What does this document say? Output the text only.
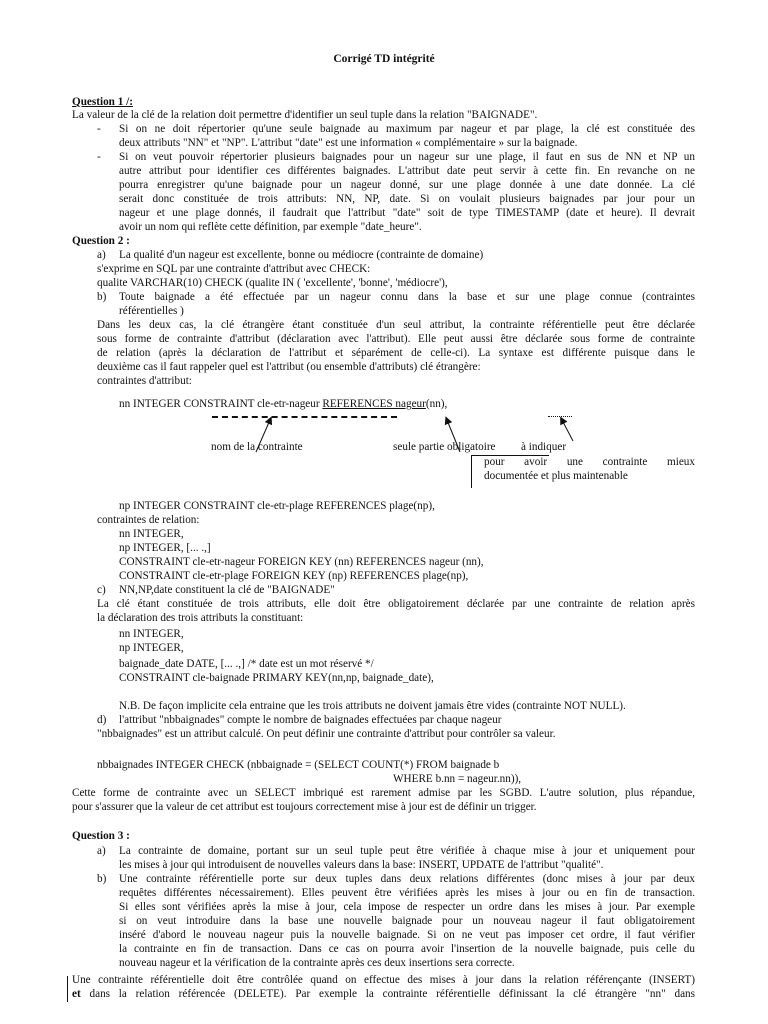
Corrigé TD intégrité
Question 1 /:
La valeur de la clé de la relation doit permettre d'identifier un seul tuple dans la relation "BAIGNADE".
- Si on ne doit répertorier qu'une seule baignade au maximum par nageur et par plage, la clé est constituée des
deux attributs "NN" et "NP". L'attribut "date" est une information « complémentaire » sur la baignade.
- Si on veut pouvoir répertorier plusieurs baignades pour un nageur sur une plage, il faut en sus de NN et NP un
autre attribut pour identifier ces différentes baignades. L'attribut date peut servir à cette fin. En revanche on ne
pourra enregistrer qu'une baignade pour un nageur donné, sur une plage donnée à une date donnée. La clé
serait donc constituée de trois attributs: NN, NP, date. Si on voulait plusieurs baignades par jour pour un
nageur et une plage donnés, il faudrait que l'attribut "date" soit de type TIMESTAMP (date et heure). Il devrait
avoir un nom qui reflète cette définition, par exemple "date_heure".
Question 2 :
a) La qualité d'un nageur est excellente, bonne ou médiocre (contrainte de domaine)
s'exprime en SQL par une contrainte d'attribut avec CHECK:
qualite VARCHAR(10) CHECK (qualite IN ( 'excellente', 'bonne', 'médiocre'),
b) Toute baignade a été effectuée par un nageur connu dans la base et sur une plage connue (contraintes
référentielles )
Dans les deux cas, la clé étrangère étant constituée d'un seul attribut, la contrainte référentielle peut être déclarée
sous forme de contrainte d'attribut (déclaration avec l'attribut). Elle peut aussi être déclarée sous forme de contrainte
de relation (après la déclaration de l'attribut et séparément de celle-ci). La syntaxe est différente puisque dans le
deuxième cas il faut rappeler quel est l'attribut (ou ensemble d'attributs) clé étrangère:
contraintes d'attribut:
nn INTEGER CONSTRAINT cle-etr-nageur REFERENCES nageur(nn),
nom de la contrainte	seule partie obligatoire à indiquer
pour avoir une contrainte mieux
documentée et plus maintenable
np INTEGER CONSTRAINT cle-etr-plage REFERENCES plage(np),
contraintes de relation:
nn INTEGER,
np INTEGER, [... .,]
CONSTRAINT cle-etr-nageur FOREIGN KEY (nn) REFERENCES nageur (nn),
CONSTRAINT cle-etr-plage FOREIGN KEY (np) REFERENCES plage(np),
c) NN,NP,date constituent la clé de "BAIGNADE"
La clé étant constituée de trois attributs, elle doit être obligatoirement déclarée par une contrainte de relation après
la déclaration des trois attributs la constituant:
nn INTEGER,
np INTEGER,
baignade_date DATE, [... .,] /* date est un mot réservé */
CONSTRAINT cle-baignade PRIMARY KEY(nn,np, baignade_date),
N.B. De façon implicite cela entraine que les trois attributs ne doivent jamais être vides (contrainte NOT NULL).
d) l'attribut "nbbaignades" compte le nombre de baignades effectuées par chaque nageur
"nbbaignades" est un attribut calculé. On peut définir une contrainte d'attribut pour contrôler sa valeur.
nbbaignades INTEGER CHECK (nbbaignade = (SELECT COUNT(*) FROM baignade b
WHERE b.nn = nageur.nn)),
Cette forme de contrainte avec un SELECT imbriqué est rarement admise par les SGBD. L'autre solution, plus répandue,
pour s'assurer que la valeur de cet attribut est toujours correctement mise à jour est de définir un trigger.
Question 3 :
a) La contrainte de domaine, portant sur un seul tuple peut être vérifiée à chaque mise à jour et uniquement pour
les mises à jour qui introduisent de nouvelles valeurs dans la base: INSERT, UPDATE de l'attribut "qualité".
b) Une contrainte référentielle porte sur deux tuples dans deux relations différentes (donc mises à jour par deux
requêtes différentes nécessairement). Elles peuvent être vérifiées après les mises à jour ou en fin de transaction.
Si elles sont vérifiées après la mise à jour, cela impose de respecter un ordre dans les mises à jour. Par exemple
si on veut introduire dans la base une nouvelle baignade pour un nouveau nageur il faut obligatoirement
inséré d'abord le nouveau nageur puis la nouvelle baignade. Si on ne veut pas imposer cet ordre, il faut vérifier
la contrainte en fin de transaction. Dans ce cas on pourra avoir l'insertion de la nouvelle baignade, puis celle du
nouveau nageur et la vérification de la contrainte après ces deux insertions sera correcte.
Une contrainte référentielle doit être contrôlée quand on effectue des mises à jour dans la relation référençante (INSERT)
et dans la relation référencée (DELETE). Par exemple la contrainte référentielle définissant la clé étrangère "nn" dans
